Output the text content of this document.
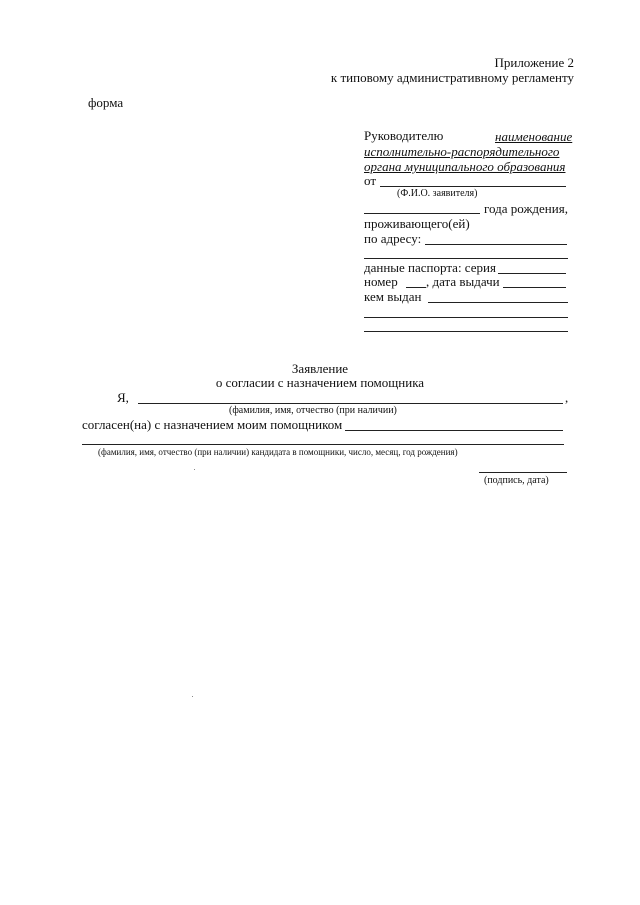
Приложение 2
к типовому административному регламенту
форма
Руководителю	наименование
исполнительно-распорядительного
органа муниципального образования
от
(Ф.И.О. заявителя)
года рождения,
проживающего(ей)
по адресу:
данные паспорта: серия
номер , дата выдачи
кем выдан
Заявление
о согласии с назначением помощника
Я,	,
(фамилия, имя, отчество (при наличии)
согласен(на) с назначением моим помощником
(фамилия, имя, отчество (при наличии) кандидата в помощники, число, месяц, год рождения)
(подпись, дата)
